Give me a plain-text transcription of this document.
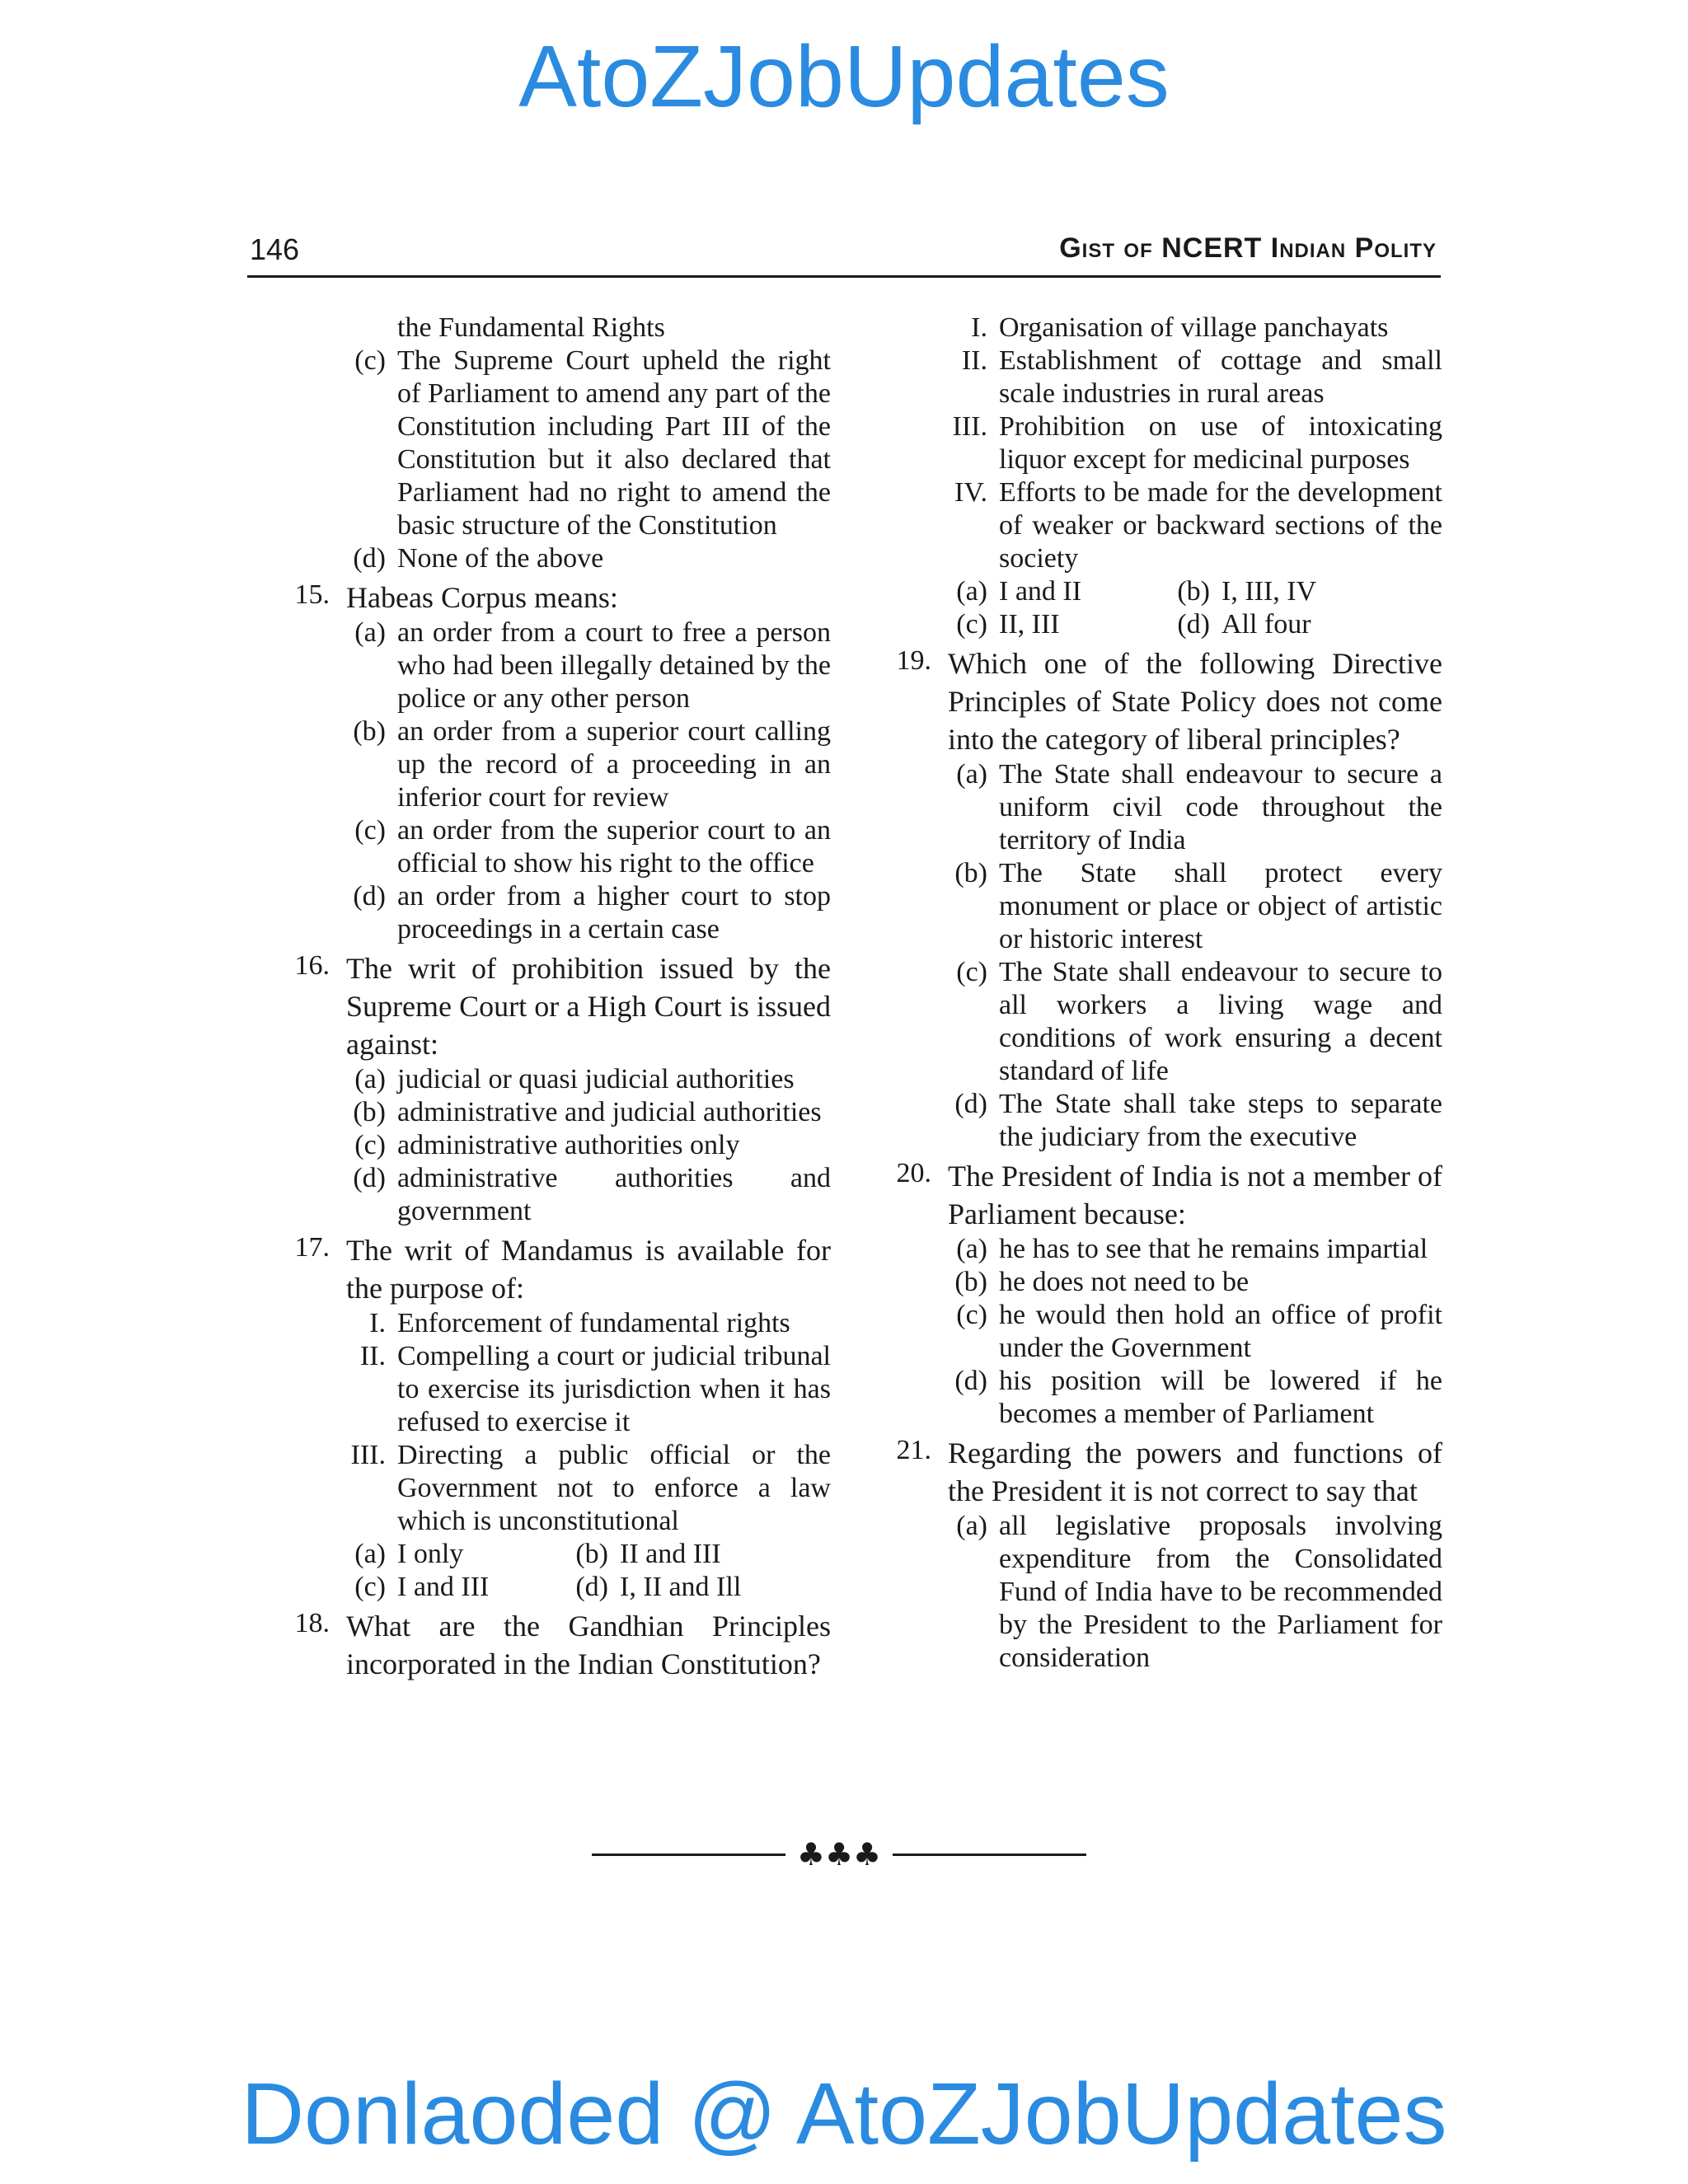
AtoZJobUpdates
146	Gist of NCERT Indian Polity
the Fundamental Rights
(c) The Supreme Court upheld the right of Parliament to amend any part of the Constitution including Part III of the Constitution but it also declared that Parliament had no right to amend the basic structure of the Constitution
(d) None of the above
15. Habeas Corpus means:
(a) an order from a court to free a person who had been illegally detained by the police or any other person
(b) an order from a superior court calling up the record of a proceeding in an inferior court for review
(c) an order from the superior court to an official to show his right to the office
(d) an order from a higher court to stop proceedings in a certain case
16. The writ of prohibition issued by the Supreme Court or a High Court is issued against:
(a) judicial or quasi judicial authorities
(b) administrative and judicial authorities
(c) administrative authorities only
(d) administrative authorities and government
17. The writ of Mandamus is available for the purpose of:
I. Enforcement of fundamental rights
II. Compelling a court or judicial tribunal to exercise its jurisdiction when it has refused to exercise it
III. Directing a public official or the Government not to enforce a law which is unconstitutional
(a) I only	(b) II and III
(c) I and III	(d) I, II and Ill
18. What are the Gandhian Principles incorporated in the Indian Constitution?
I. Organisation of village panchayats
II. Establishment of cottage and small scale industries in rural areas
III. Prohibition on use of intoxicating liquor except for medicinal purposes
IV. Efforts to be made for the development of weaker or backward sections of the society
(a) I and II	(b) I, III, IV
(c) II, III	(d) All four
19. Which one of the following Directive Principles of State Policy does not come into the category of liberal principles?
(a) The State shall endeavour to secure a uniform civil code throughout the territory of India
(b) The State shall protect every monument or place or object of artistic or historic interest
(c) The State shall endeavour to secure to all workers a living wage and conditions of work ensuring a decent standard of life
(d) The State shall take steps to separate the judiciary from the executive
20. The President of India is not a member of Parliament because:
(a) he has to see that he remains impartial
(b) he does not need to be
(c) he would then hold an office of profit under the Government
(d) his position will be lowered if he becomes a member of Parliament
21. Regarding the powers and functions of the President it is not correct to say that
(a) all legislative proposals involving expenditure from the Consolidated Fund of India have to be recommended by the President to the Parliament for consideration
♣♣♣
Donlaoded @ AtoZJobUpdates
